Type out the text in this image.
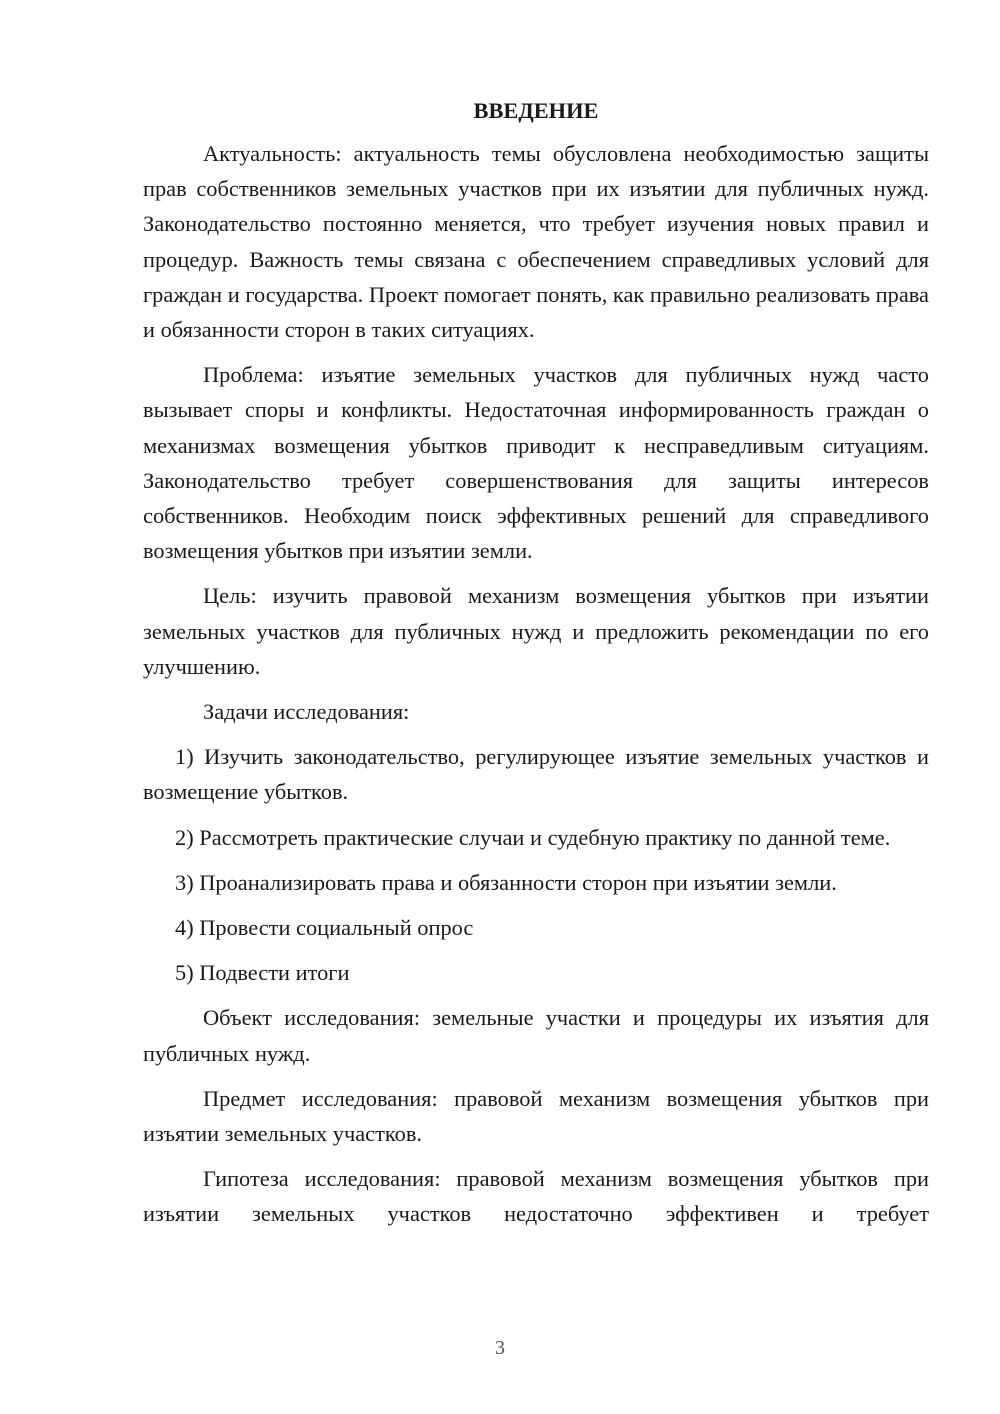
ВВЕДЕНИЕ

Актуальность: актуальность темы обусловлена необходимостью защиты прав собственников земельных участков при их изъятии для публичных нужд. Законодательство постоянно меняется, что требует изучения новых правил и процедур. Важность темы связана с обеспечением справедливых условий для граждан и государства. Проект помогает понять, как правильно реализовать права и обязанности сторон в таких ситуациях.

Проблема: изъятие земельных участков для публичных нужд часто вызывает споры и конфликты. Недостаточная информированность граждан о механизмах возмещения убытков приводит к несправедливым ситуациям. Законодательство требует совершенствования для защиты интересов собственников. Необходим поиск эффективных решений для справедливого возмещения убытков при изъятии земли.

Цель: изучить правовой механизм возмещения убытков при изъятии земельных участков для публичных нужд и предложить рекомендации по его улучшению.

Задачи исследования:

1) Изучить законодательство, регулирующее изъятие земельных участков и возмещение убытков.

2) Рассмотреть практические случаи и судебную практику по данной теме.

3) Проанализировать права и обязанности сторон при изъятии земли.

4) Провести социальный опрос

5) Подвести итоги

Объект исследования: земельные участки и процедуры их изъятия для публичных нужд.

Предмет исследования: правовой механизм возмещения убытков при изъятии земельных участков.

Гипотеза исследования: правовой механизм возмещения убытков при изъятии земельных участков недостаточно эффективен и требует

3
